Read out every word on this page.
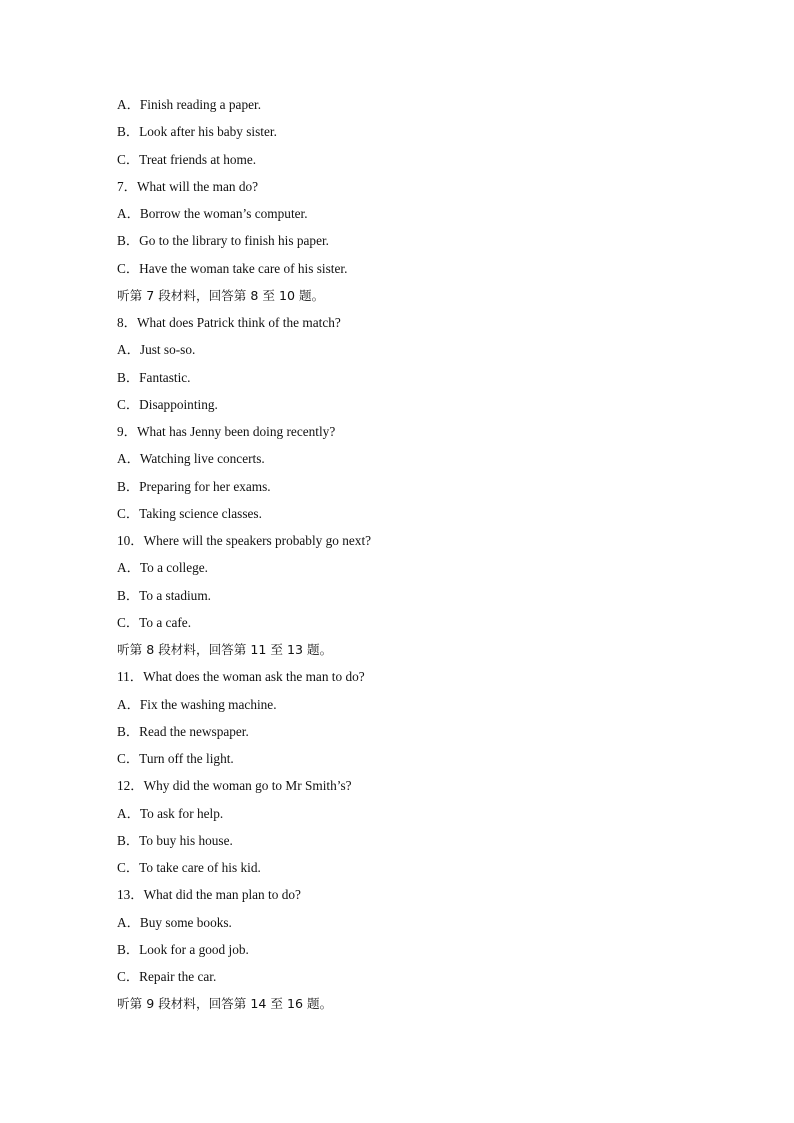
A．Finish reading a paper.
B．Look after his baby sister.
C．Treat friends at home.
7．What will the man do?
A．Borrow the woman’s computer.
B．Go to the library to finish his paper.
C．Have the woman take care of his sister.
听第 7 段材料，回答第 8 至 10 题。
8．What does Patrick think of the match?
A．Just so-so.
B．Fantastic.
C．Disappointing.
9．What has Jenny been doing recently?
A．Watching live concerts.
B．Preparing for her exams.
C．Taking science classes.
10．Where will the speakers probably go next?
A．To a college.
B．To a stadium.
C．To a cafe.
听第 8 段材料，回答第 11 至 13 题。
11．What does the woman ask the man to do?
A．Fix the washing machine.
B．Read the newspaper.
C．Turn off the light.
12．Why did the woman go to Mr Smith’s?
A．To ask for help.
B．To buy his house.
C．To take care of his kid.
13．What did the man plan to do?
A．Buy some books.
B．Look for a good job.
C．Repair the car.
听第 9 段材料，回答第 14 至 16 题。
